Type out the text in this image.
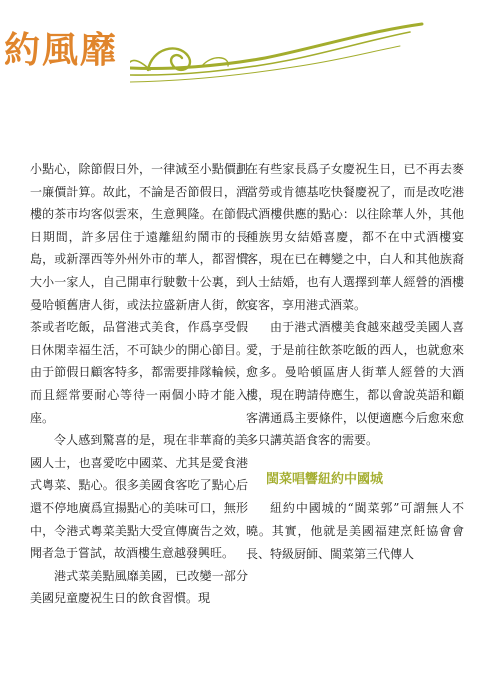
約風靡

小點心，除節假日外，一律減至小點價劃一廉價計算。故此，不論是否節假日，酒樓的茶市均客似雲來，生意興隆。在節假日期間，許多居住于遠離紐約鬧市的長島，或新澤西等外州外市的華人，都習慣大小一家人，自己開車行駛數十公裏，到曼哈頓舊唐人街，或法拉盛新唐人街，飲茶或者吃飯，品嘗港式美食，作爲享受假日休閑幸福生活，不可缺少的開心節目。由于節假日顧客特多，都需要排隊輪候，而且經常要耐心等待一兩個小時才能入座。

令人感到驚喜的是，現在非華裔的美國人士，也喜愛吃中國菜、尤其是愛食港式粵菜、點心。很多美國食客吃了點心后還不停地廣爲宣揚點心的美味可口，無形中，令港式粵菜美點大受宣傳廣告之效，聞者急于嘗試，故酒樓生意越發興旺。

港式菜美點風靡美國，已改變一部分美國兒童慶祝生日的飲食習慣。現

在有些家長爲子女慶祝生日，已不再去麥當勞或肯德基吃快餐慶祝了，而是改吃港式酒樓供應的點心：以往除華人外，其他種族男女結婚喜慶，都不在中式酒樓宴客，現在已在轉變之中，白人和其他族裔人士結婚，也有人選擇到華人經營的酒樓宴客，享用港式酒菜。

由于港式酒樓美食越來越受美國人喜愛，于是前往飲茶吃飯的西人，也就愈來愈多。曼哈頓區唐人街華人經營的大酒樓，現在聘請侍應生，都以會說英語和顧客溝通爲主要條件，以便適應今后愈來愈多只講英語食客的需要。

閩菜唱響紐約中國城

紐約中國城的“閩菜郭”可謂無人不曉。其實，他就是美國福建烹飪協會會長、特級厨師、閩菜第三代傳人
